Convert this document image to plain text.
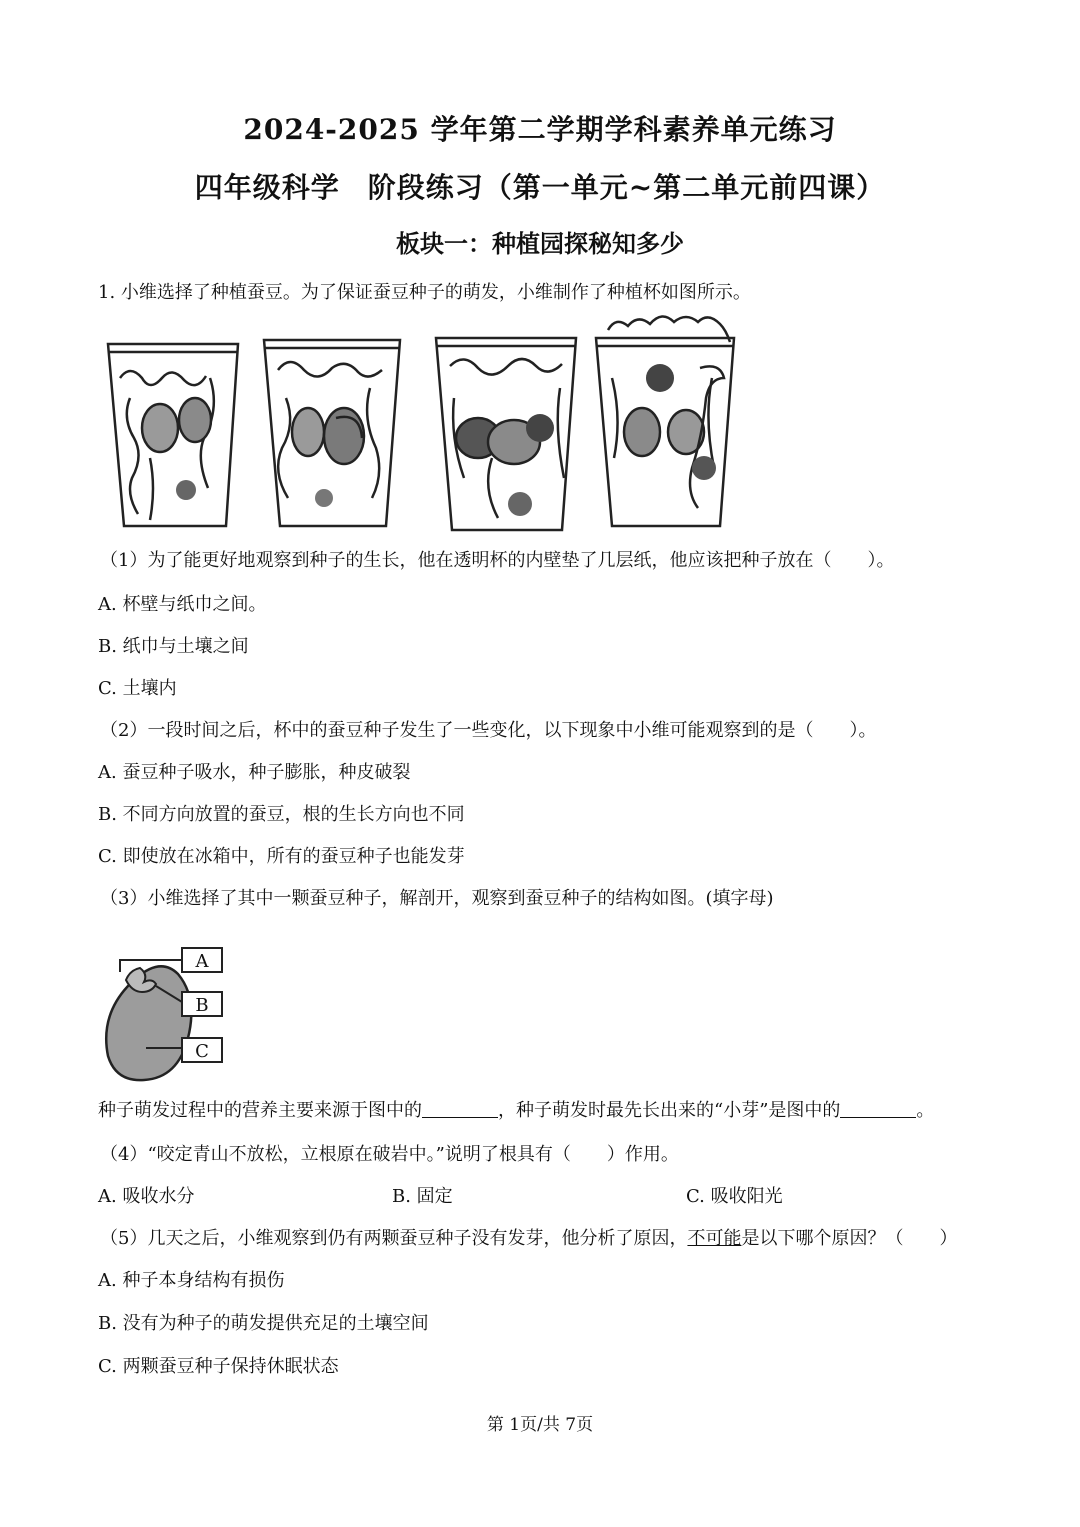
2024-2025 学年第二学期学科素养单元练习
四年级科学 阶段练习（第一单元~第二单元前四课）
板块一：种植园探秘知多少
1. 小维选择了种植蚕豆。为了保证蚕豆种子的萌发，小维制作了种植杯如图所示。
（1）为了能更好地观察到种子的生长，他在透明杯的内壁垫了几层纸，他应该把种子放在（　　）。
A. 杯壁与纸巾之间。
B. 纸巾与土壤之间
C. 土壤内
（2）一段时间之后，杯中的蚕豆种子发生了一些变化，以下现象中小维可能观察到的是（　　）。
A. 蚕豆种子吸水，种子膨胀，种皮破裂
B. 不同方向放置的蚕豆，根的生长方向也不同
C. 即使放在冰箱中，所有的蚕豆种子也能发芽
（3）小维选择了其中一颗蚕豆种子，解剖开，观察到蚕豆种子的结构如图。(填字母)
A
B
C
种子萌发过程中的营养主要来源于图中的	，种子萌发时最先长出来的“小芽”是图中的	。
（4）“咬定青山不放松，立根原在破岩中。”说明了根具有（　　）作用。
A. 吸收水分	B. 固定	C. 吸收阳光
（5）几天之后，小维观察到仍有两颗蚕豆种子没有发芽，他分析了原因，不可能是以下哪个原因？（　　）
A. 种子本身结构有损伤
B. 没有为种子的萌发提供充足的土壤空间
C. 两颗蚕豆种子保持休眠状态
第 1页/共 7页
